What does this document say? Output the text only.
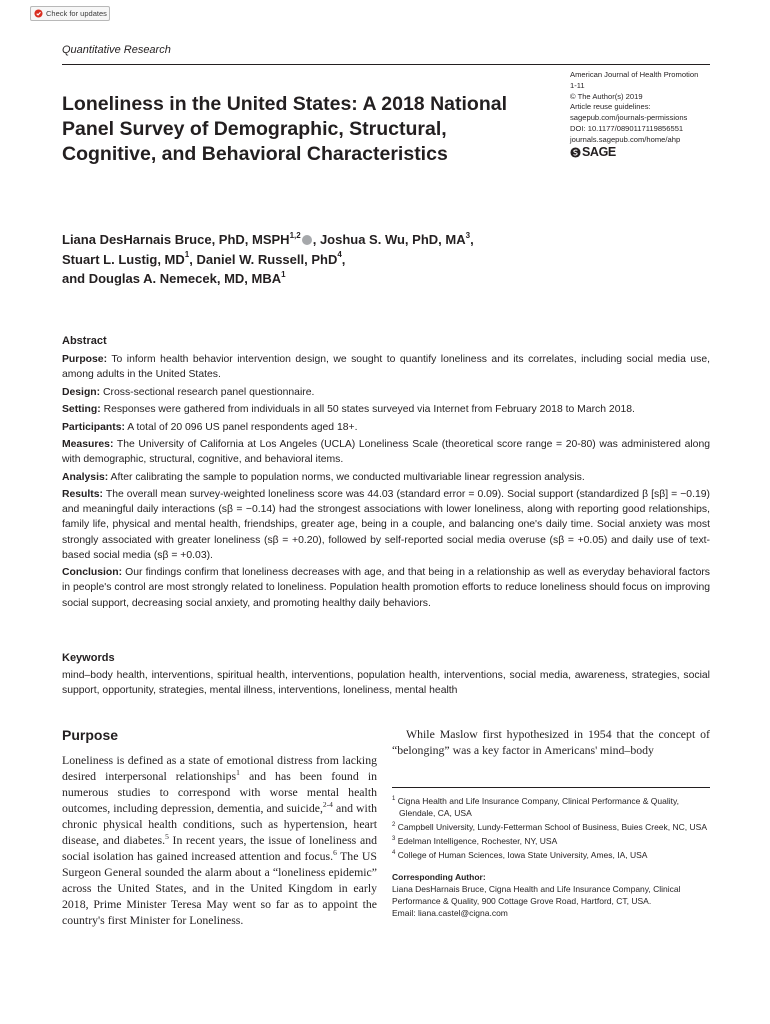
Check for updates
Quantitative Research
Loneliness in the United States: A 2018 National Panel Survey of Demographic, Structural, Cognitive, and Behavioral Characteristics
American Journal of Health Promotion
1-11
© The Author(s) 2019
Article reuse guidelines:
sagepub.com/journals-permissions
DOI: 10.1177/0890117119856551
journals.sagepub.com/home/ahp
SAGE

Liana DesHarnais Bruce, PhD, MSPH$^{1,2}$ , Joshua S. Wu, PhD, $MA^3$,
Stuart L. Lustig, $MD^1$, Daniel W. Russell, PhD$^4$,
and Douglas A. Nemecek, MD, MBA$^1$

Abstract

Purpose: To inform health behavior intervention design, we sought to quantify loneliness and its correlates, including social media use, among adults in the United States.

Design: Cross-sectional research panel questionnaire.

Setting: Responses were gathered from individuals in all 50 states surveyed via Internet from February 2018 to March 2018.

Participants: A total of 20 096 US panel respondents aged 18+.

Measures: The University of California at Los Angeles (UCLA) Loneliness Scale (theoretical score range = 20-80) was administered along with demographic, structural, cognitive, and behavioral items.

Analysis: After calibrating the sample to population norms, we conducted multivariable linear regression analysis.

Results: The overall mean survey-weighted loneliness score was 44.03 (standard error = 0.09). Social support (standardized β [sβ] = −0.19) and meaningful daily interactions (sβ = −0.14) had the strongest associations with lower loneliness, along with reporting good relationships, family life, physical and mental health, friendships, greater age, being in a couple, and balancing one's daily time. Social anxiety was most strongly associated with greater loneliness (sβ = +0.20), followed by self-reported social media overuse (sβ = +0.05) and daily use of text-based social media (sβ = +0.03).

Conclusion: Our findings confirm that loneliness decreases with age, and that being in a relationship as well as everyday behavioral factors in people's control are most strongly related to loneliness. Population health promotion efforts to reduce loneliness should focus on improving social support, decreasing social anxiety, and promoting healthy daily behaviors.

Keywords

mind–body health, interventions, spiritual health, interventions, population health, interventions, social media, awareness, strategies, social support, opportunity, strategies, mental illness, interventions, loneliness, mental health

Purpose

Loneliness is defined as a state of emotional distress from lacking desired interpersonal relationships$^1$ and has been found in numerous studies to correspond with worse mental health outcomes, including depression, dementia, and suicide,$^{2-4}$ and with chronic physical health conditions, such as hypertension, heart disease, and diabetes.$^5$ In recent years, the issue of loneliness and social isolation has gained increased attention and focus.$^6$ The US Surgeon General sounded the alarm about a “loneliness epidemic” across the United States, and in the United Kingdom in early 2018, Prime Minister Teresa May went so far as to appoint the country's first Minister for Loneliness.

While Maslow first hypothesized in 1954 that the concept of “belonging” was a key factor in Americans' mind–body

$^1$ Cigna Health and Life Insurance Company, Clinical Performance & Quality, Glendale, CA, USA
$^2$ Campbell University, Lundy-Fetterman School of Business, Buies Creek, NC, USA
$^3$ Edelman Intelligence, Rochester, NY, USA
$^4$ College of Human Sciences, Iowa State University, Ames, IA, USA
Corresponding Author:
Liana DesHarnais Bruce, Cigna Health and Life Insurance Company, Clinical Performance & Quality, 900 Cottage Grove Road, Hartford, CT, USA.
Email: liana.castel@cigna.com
